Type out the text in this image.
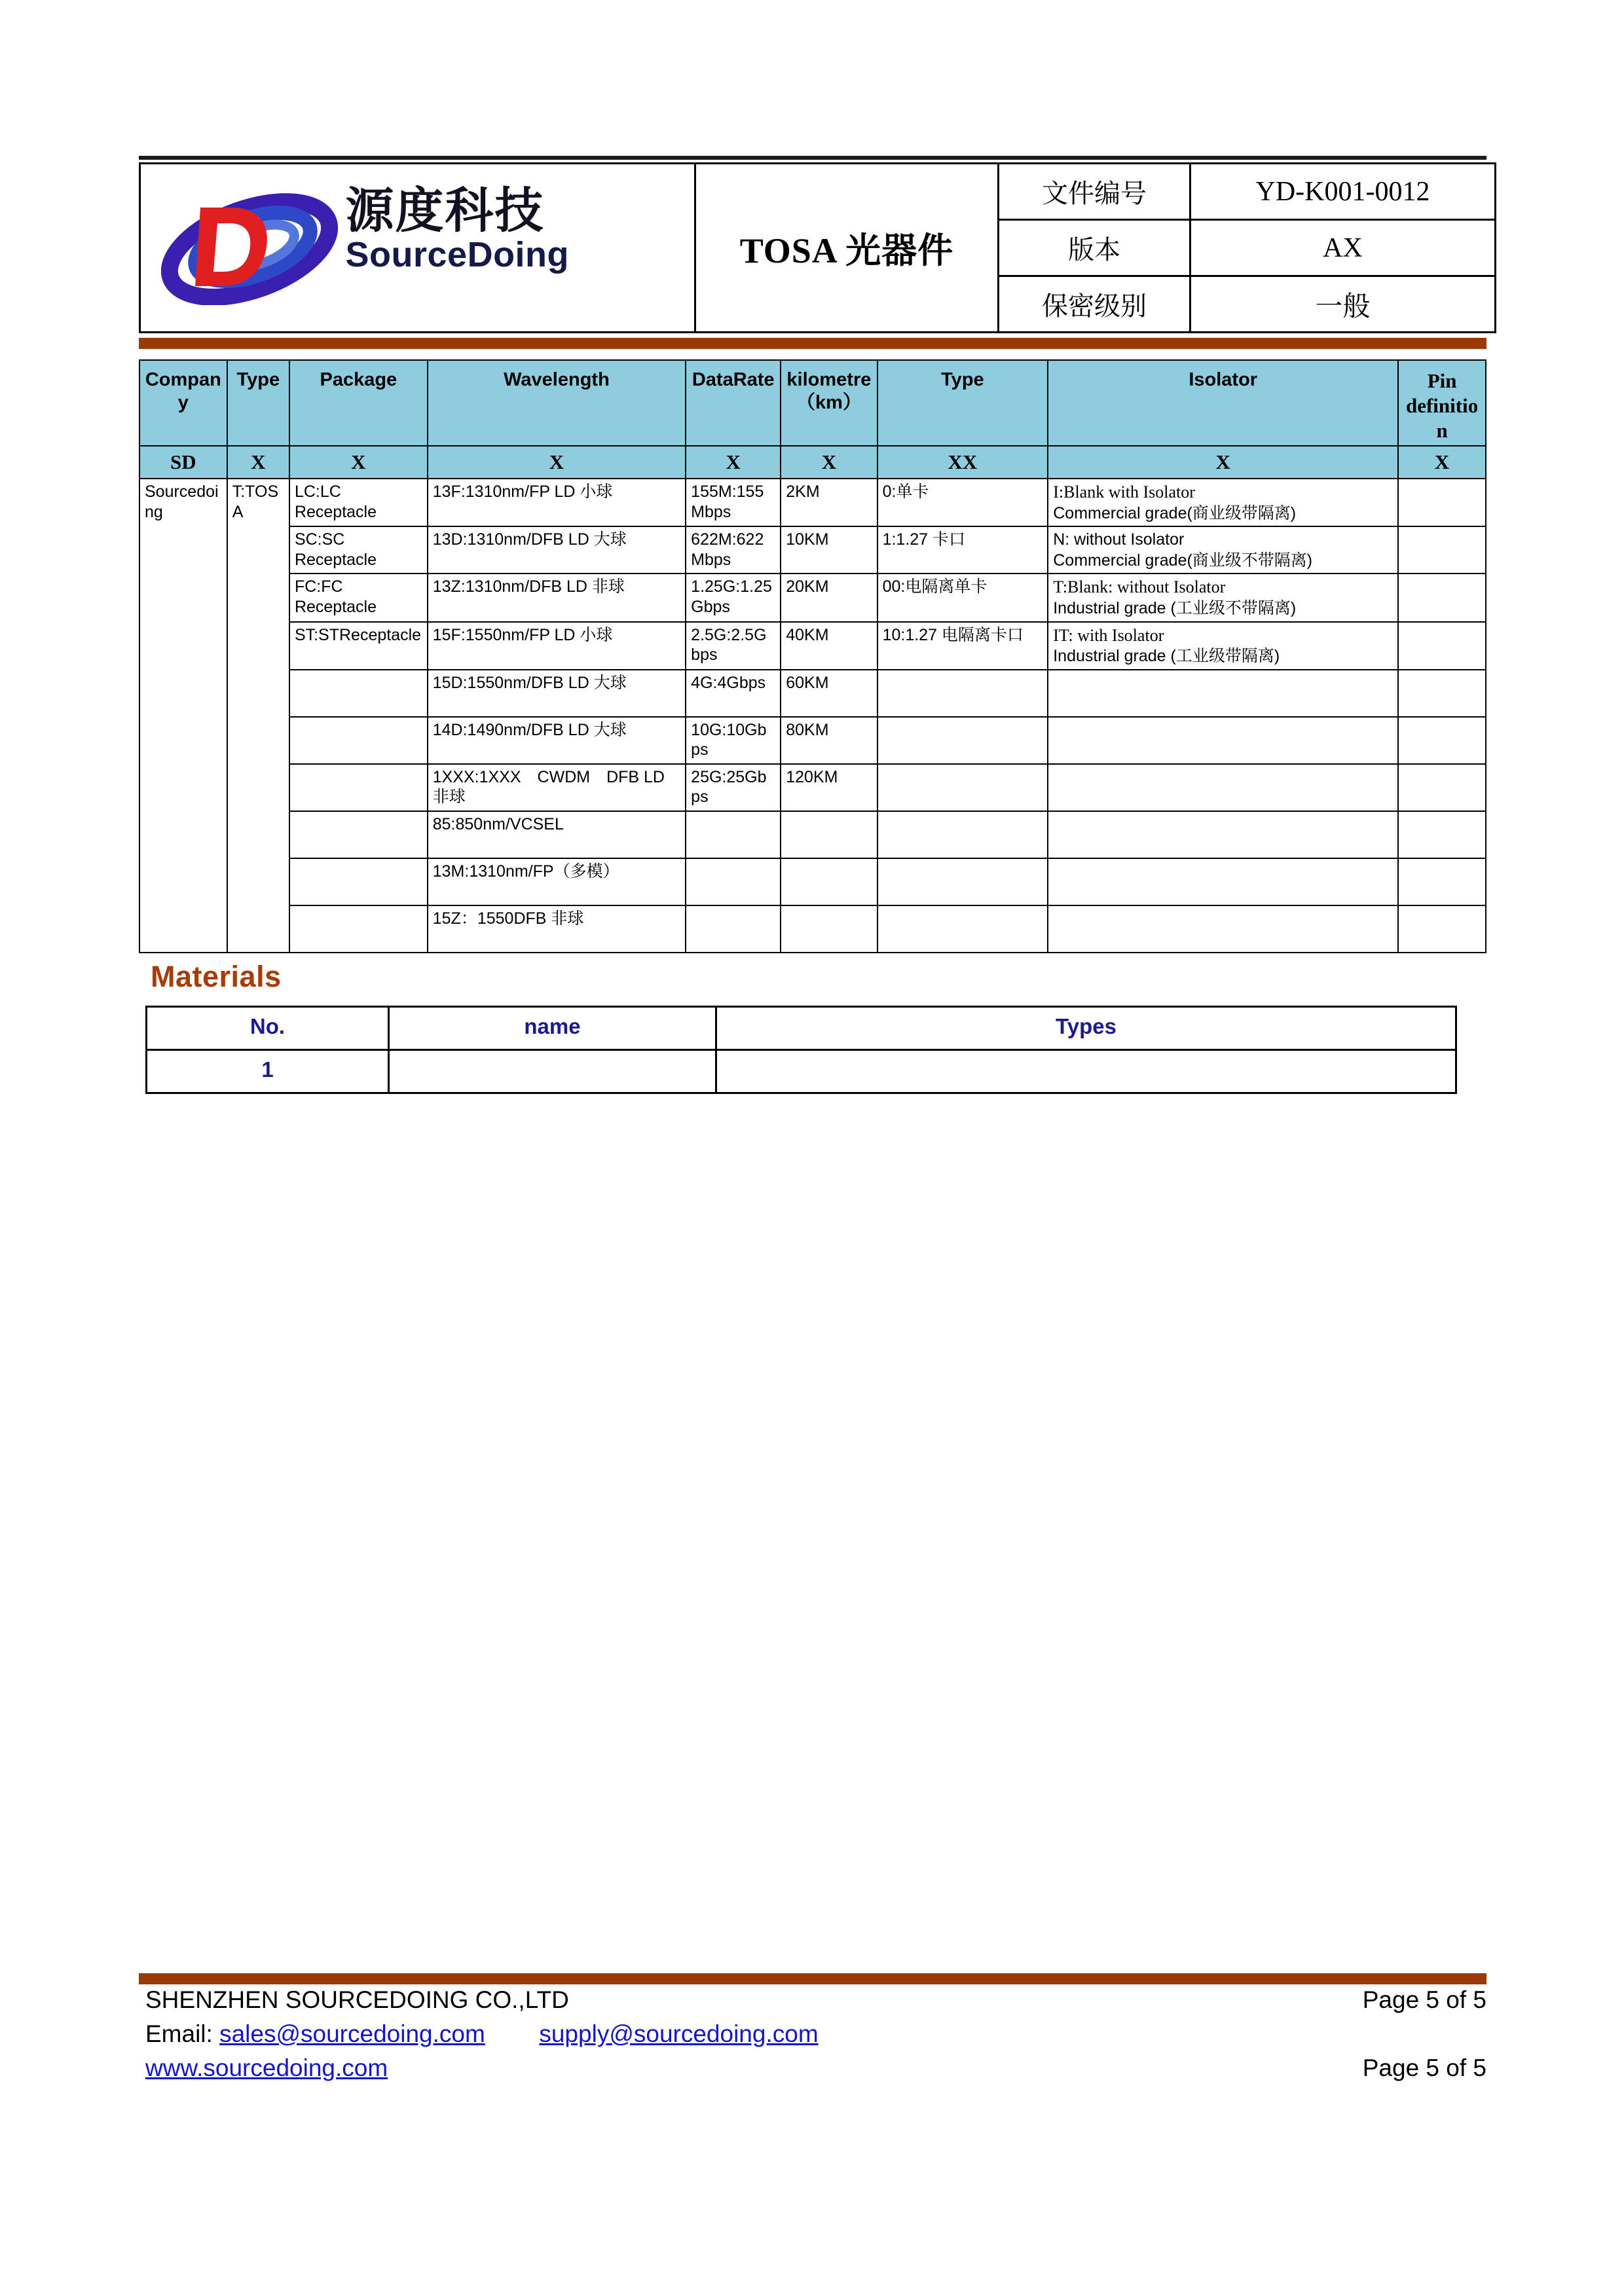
源度科技
SourceDoing	TOSA 光器件	文件编号	YD-K001-0012
		版本	AX
		保密级别	一般
Company	Type	Package	Wavelength	DataRate	kilometre（km）	Type	Isolator	Pin definition
SD	X	X	X	X	X	XX	X	X
Sourcedoing	T:TOSA	LC:LC Receptacle	13F:1310nm/FP LD 小球	155M:155 Mbps	2KM	0:单卡	I:Blank with Isolator
Commercial grade(商业级带隔离)	

		SC:SC Receptacle	13D:1310nm/DFB LD 大球	622M:622 Mbps	10KM	1:1.27 卡口	N: without Isolator
Commercial grade(商业级不带隔离)	

		FC:FC Receptacle	13Z:1310nm/DFB LD 非球	1.25G:1.25 Gbps	20KM	00:电隔离单卡	T:Blank: without Isolator
Industrial grade (工业级不带隔离)	

		ST:STReceptacle	15F:1550nm/FP LD 小球	2.5G:2.5Gbps	40KM	10:1.27 电隔离卡口	IT: with Isolator
Industrial grade (工业级带隔离)	

			15D:1550nm/DFB LD 大球	4G:4Gbps	60KM			
			14D:1490nm/DFB LD 大球	10G:10Gbps	80KM			
			1XXX:1XXX　CWDM　DFB LD 非球	25G:25Gbps	120KM			
			85:850nm/VCSEL					
			13M:1310nm/FP（多模）					
			15Z：1550DFB 非球					
Materials
No.	name	Types
1		
SHENZHEN SOURCEDOING CO.,LTD	Page 5 of 5
Email: sales@sourcedoing.com supply@sourcedoing.com
www.sourcedoing.com	Page 5 of 5
